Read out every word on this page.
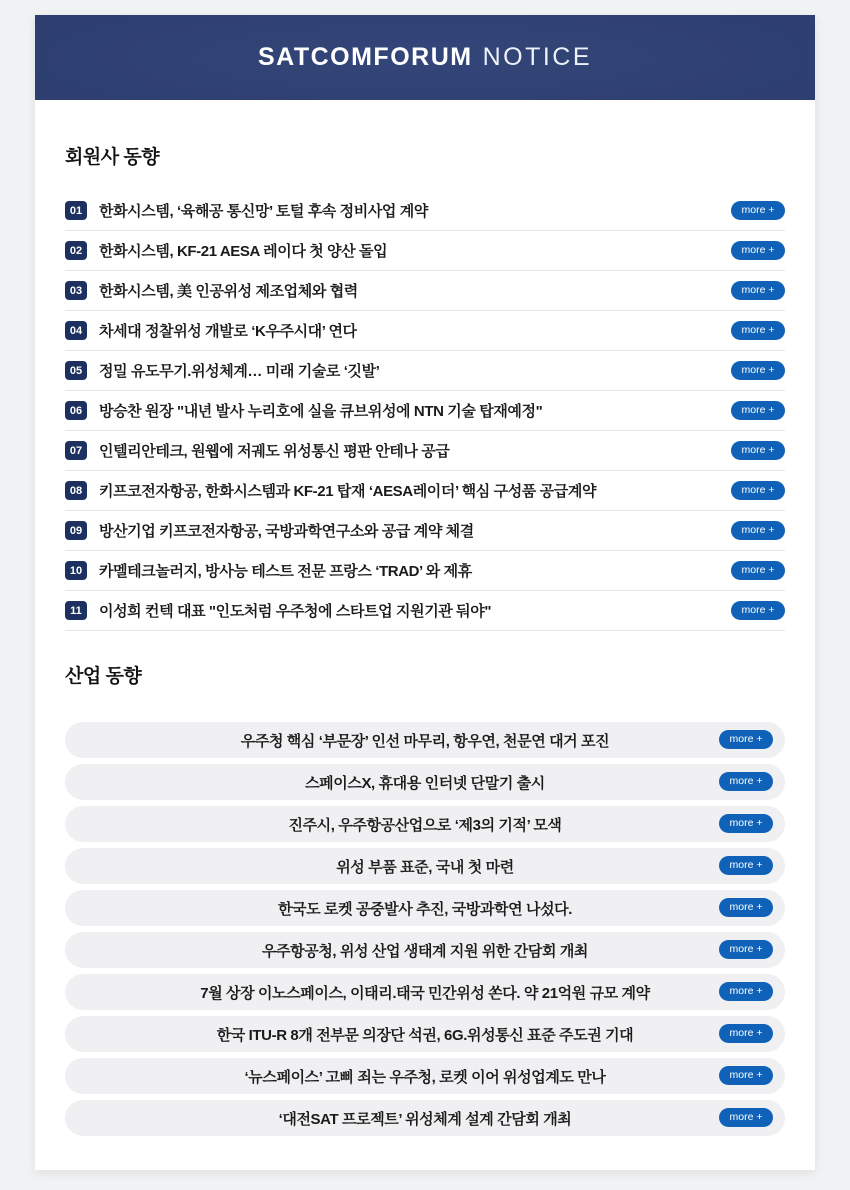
SATCOMFORUM NOTICE
회원사 동향
01	한화시스템, ‘육해공 통신망’ 토털 후속 정비사업 계약	more +
02	한화시스템, KF-21 AESA 레이다 첫 양산 돌입	more +
03	한화시스템, 美 인공위성 제조업체와 협력	more +
04	차세대 정찰위성 개발로 ‘K우주시대’ 연다	more +
05	정밀 유도무기.위성체계… 미래 기술로 ‘깃발’	more +
06	방승찬 원장 "내년 발사 누리호에 실을 큐브위성에 NTN 기술 탑재예정"	more +
07	인텔리안테크, 원웹에 저궤도 위성통신 평판 안테나 공급	more +
08	키프코전자항공, 한화시스템과 KF-21 탑재 ‘AESA레이더’ 핵심 구성품 공급계약	more +
09	방산기업 키프코전자항공, 국방과학연구소와 공급 계약 체결	more +
10	카멜테크놀러지, 방사능 테스트 전문 프랑스 ‘TRAD’ 와 제휴	more +
11	이성희 컨텍 대표 "인도처럼 우주청에 스타트업 지원기관 둬야"	more +
산업 동향
우주청 핵심 ‘부문장’ 인선 마무리, 항우연, 천문연 대거 포진	more +
스페이스X, 휴대용 인터넷 단말기 출시	more +
진주시, 우주항공산업으로 ‘제3의 기적’ 모색	more +
위성 부품 표준, 국내 첫 마련	more +
한국도 로켓 공중발사 추진, 국방과학연 나섰다.	more +
우주항공청, 위성 산업 생태계 지원 위한 간담회 개최	more +
7월 상장 이노스페이스, 이태리.태국 민간위성 쏜다. 약 21억원 규모 계약	more +
한국 ITU-R 8개 전부문 의장단 석권, 6G.위성통신 표준 주도권 기대	more +
‘뉴스페이스’ 고삐 죄는 우주청, 로켓 이어 위성업계도 만나	more +
‘대전SAT 프로젝트’ 위성체계 설계 간담회 개최	more +
